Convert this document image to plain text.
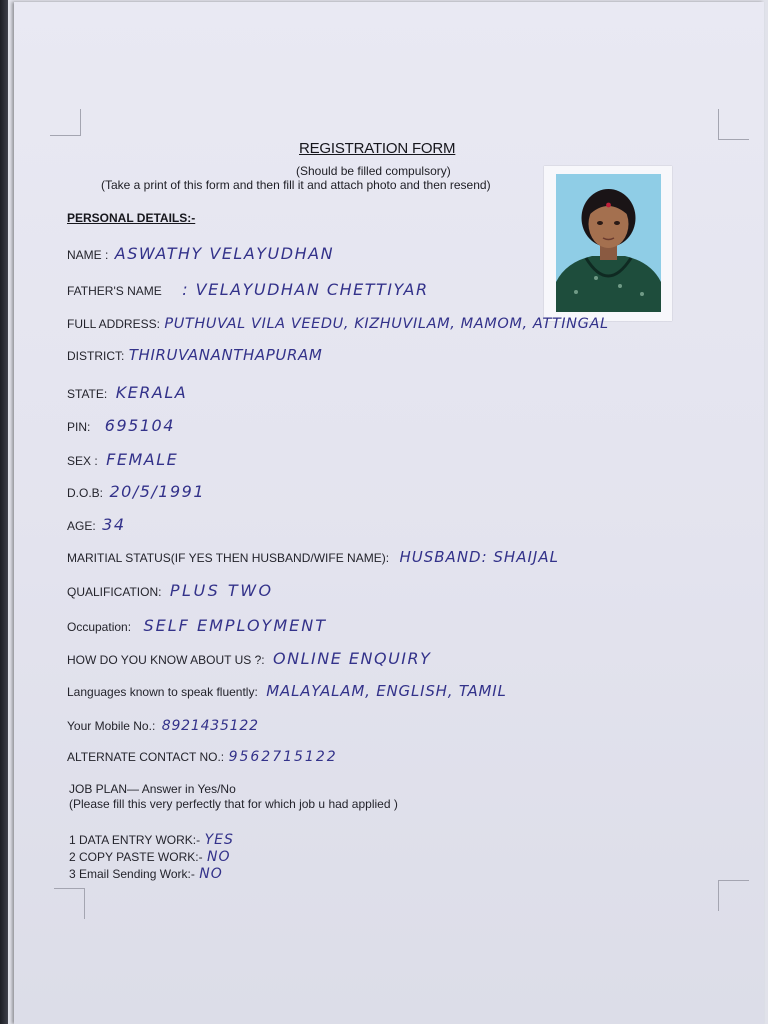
REGISTRATION FORM
(Should be filled compulsory)
(Take a print of this form and then fill it and attach photo and then resend)
PERSONAL DETAILS:-
NAME : ASWATHY VELAYUDHAN
FATHER'S NAME : VELAYUDHAN CHETTIYAR
FULL ADDRESS: PUTHUVAL VILA VEEDU, KIZHUVILAM, MAMOM, ATTINGAL
DISTRICT: THIRUVANANTHAPURAM
STATE: KERALA
PIN: 695104
SEX : FEMALE
D.O.B: 20/5/1991
AGE: 34
MARITIAL STATUS(IF YES THEN HUSBAND/WIFE NAME): HUSBAND: SHAIJAL
QUALIFICATION: PLUS TWO
Occupation: SELF EMPLOYMENT
HOW DO YOU KNOW ABOUT US ?: ONLINE ENQUIRY
Languages known to speak fluently: MALAYALAM, ENGLISH, TAMIL
Your Mobile No.: 8921435122
ALTERNATE CONTACT NO.: 9562715122
JOB PLAN— Answer in Yes/No
(Please fill this very perfectly that for which job u had applied )
1 DATA ENTRY WORK:- YES
2 COPY PASTE WORK:- NO
3 Email Sending Work:- NO
